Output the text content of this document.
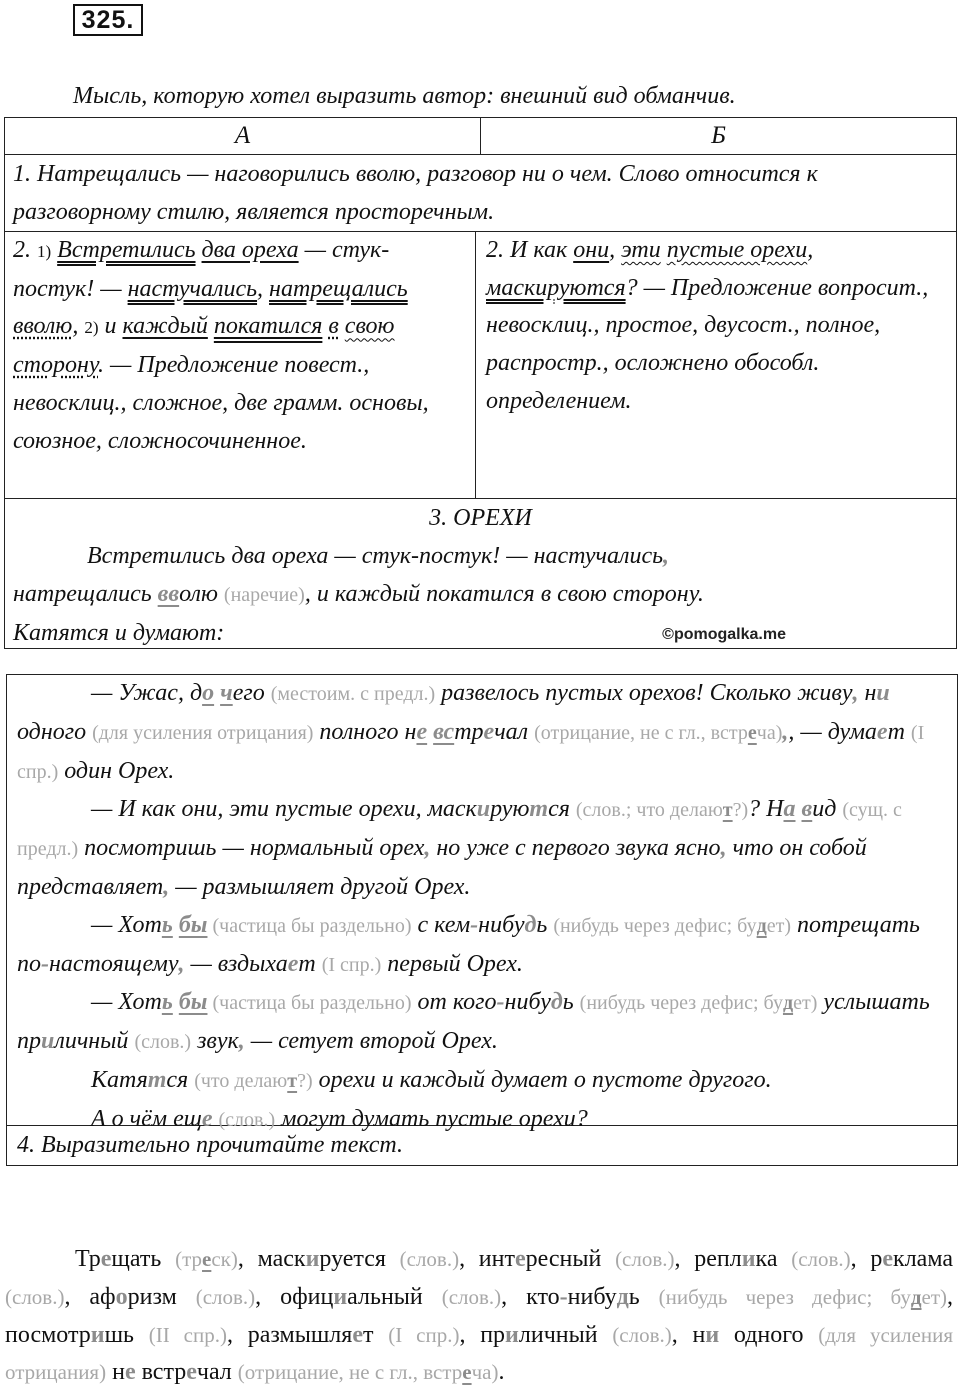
325.

Мысль, которую хотел выразить автор: внешний вид обманчив.

А	Б
1. Натрещались — наговорились вволю, разговор ни о чем. Слово относится к разговорному стилю, является просторечным.
2. 1) Встретились два ореха — стук-постук! — настучались, натрещались вволю, 2) и каждый покатился в свою сторону. — Предложение повест., невосклиц., сложное, две грамм. основы, союзное, сложносочиненное.
2. И как они, эти пустые орехи, маскируются? — Предложение вопросит., невосклиц., простое, двусост., полное, распростр., осложнено обособл. определением.
3. ОРЕХИ
Встретились два ореха — стук-постук! — настучались,
натрещались вволю (наречие), и каждый покатился в свою сторону.
Катятся и думают:	©pomogalka.me

— Ужас, до чего (местоим. с предл.) развелось пустых орехов! Сколько живу, ни одного (для усиления отрицания) полного не встречал (отрицание, не с гл., встреча),, — думает (I спр.) один Орех.

— И как они, эти пустые орехи, маскируются (слов.; что делают?)? На вид (сущ. с предл.) посмотришь — нормальный орех, но уже с первого звука ясно, что он собой представляет, — размышляет другой Орех.

— Хоть бы (частица бы раздельно) с кем-нибудь (нибудь через дефис; будет) потрещать по-настоящему, — вздыхает (I спр.) первый Орех.

— Хоть бы (частица бы раздельно) от кого-нибудь (нибудь через дефис; будет) услышать приличный (слов.) звук, — сетует второй Орех.

Катятся (что делают?) орехи и каждый думает о пустоте другого.

А о чём еще (слов.) могут думать пустые орехи?

4. Выразительно прочитайте текст.

Трещать (треск), маскируется (слов.), интересный (слов.), реплика (слов.), реклама (слов.), афоризм (слов.), официальный (слов.), кто-нибудь (нибудь через дефис; будет), посмотришь (II спр.), размышляет (I спр.), приличный (слов.), ни одного (для усиления отрицания) не встречал (отрицание, не с гл., встреча).
